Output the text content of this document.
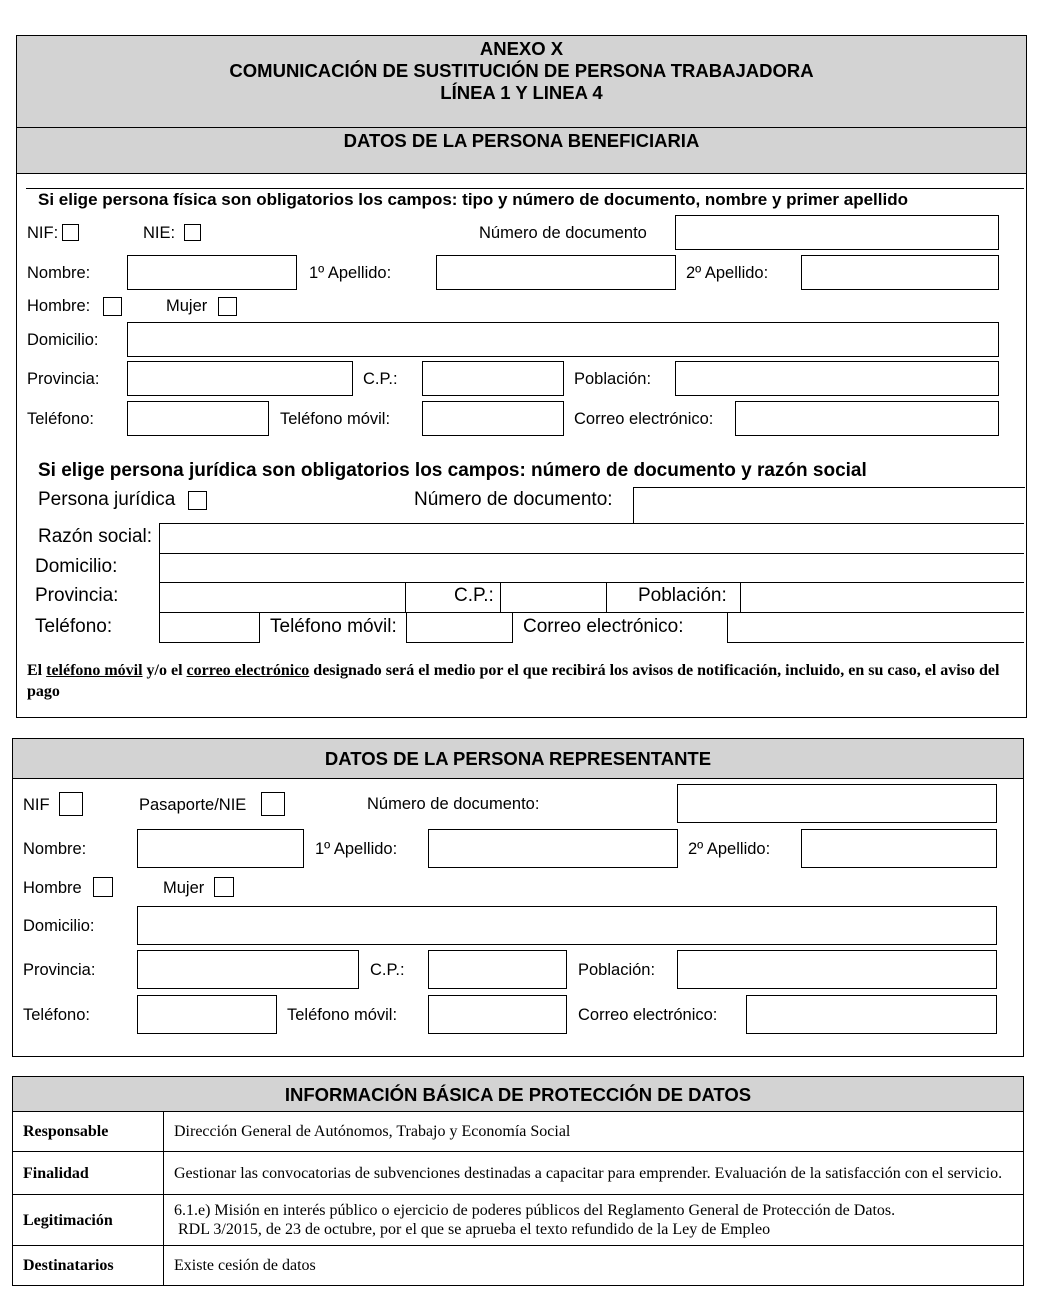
ANEXO X
COMUNICACIÓN DE SUSTITUCIÓN DE PERSONA TRABAJADORA
LÍNEA 1 Y LINEA 4
DATOS DE LA PERSONA BENEFICIARIA
Si elige persona física son obligatorios los campos: tipo y número de documento, nombre y primer apellido
NIF:	NIE:	Número de documento
Nombre:	1º Apellido:	2º Apellido:
Hombre:	Mujer
Domicilio:
Provincia:	C.P.:	Población:
Teléfono:	Teléfono móvil:	Correo electrónico:
Si elige persona jurídica son obligatorios los campos: número de documento y razón social
Persona jurídica	Número de documento:
Razón social:
Domicilio:
Provincia:	C.P.:	Población:
Teléfono:	Teléfono móvil:	Correo electrónico:
El teléfono móvil y/o el correo electrónico designado será el medio por el que recibirá los avisos de notificación, incluido, en su caso, el aviso del pago
DATOS DE LA PERSONA REPRESENTANTE
NIF	Pasaporte/NIE	Número de documento:
Nombre:	1º Apellido:	2º Apellido:
Hombre	Mujer
Domicilio:
Provincia:	C.P.:	Población:
Teléfono:	Teléfono móvil:	Correo electrónico:
INFORMACIÓN BÁSICA DE PROTECCIÓN DE DATOS
Responsable	Dirección General de Autónomos, Trabajo y Economía Social
Finalidad	Gestionar las convocatorias de subvenciones destinadas a capacitar para emprender. Evaluación de la satisfacción con el servicio.
Legitimación	6.1.e) Misión en interés público o ejercicio de poderes públicos del Reglamento General de Protección de Datos.
RDL 3/2015, de 23 de octubre, por el que se aprueba el texto refundido de la Ley de Empleo

Destinatarios	Existe cesión de datos
